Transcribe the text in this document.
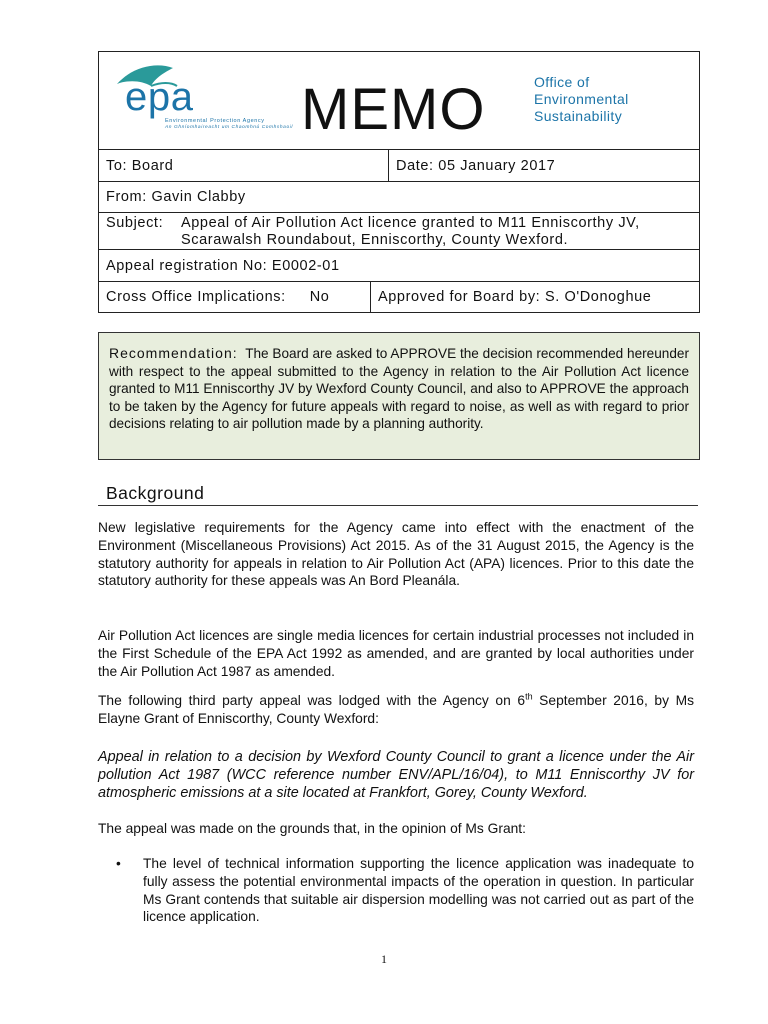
epa
Environmental Protection Agency
An Ghníomhaireacht um Chaomhnú Comhshaoil MEMO	Office of
Environmental
Sustainability
To: Board	Date: 05 January 2017
From: Gavin Clabby
Subject:	Appeal of Air Pollution Act licence granted to M11 Enniscorthy JV, Scarawalsh Roundabout, Enniscorthy, County Wexford.
Appeal registration No: E0002-01
Cross Office Implications: No	Approved for Board by: S. O'Donoghue
Recommendation: The Board are asked to APPROVE the decision recommended hereunder with respect to the appeal submitted to the Agency in relation to the Air Pollution Act licence granted to M11 Enniscorthy JV by Wexford County Council, and also to APPROVE the approach to be taken by the Agency for future appeals with regard to noise, as well as with regard to prior decisions relating to air pollution made by a planning authority.
Background

New legislative requirements for the Agency came into effect with the enactment of the Environment (Miscellaneous Provisions) Act 2015. As of the 31 August 2015, the Agency is the statutory authority for appeals in relation to Air Pollution Act (APA) licences. Prior to this date the statutory authority for these appeals was An Bord Pleanála.

Air Pollution Act licences are single media licences for certain industrial processes not included in the First Schedule of the EPA Act 1992 as amended, and are granted by local authorities under the Air Pollution Act 1987 as amended.

The following third party appeal was lodged with the Agency on 6th September 2016, by Ms Elayne Grant of Enniscorthy, County Wexford:

Appeal in relation to a decision by Wexford County Council to grant a licence under the Air pollution Act 1987 (WCC reference number ENV/APL/16/04), to M11 Enniscorthy JV for atmospheric emissions at a site located at Frankfort, Gorey, County Wexford.

The appeal was made on the grounds that, in the opinion of Ms Grant:

•	The level of technical information supporting the licence application was inadequate to fully assess the potential environmental impacts of the operation in question. In particular Ms Grant contends that suitable air dispersion modelling was not carried out as part of the licence application.
1
